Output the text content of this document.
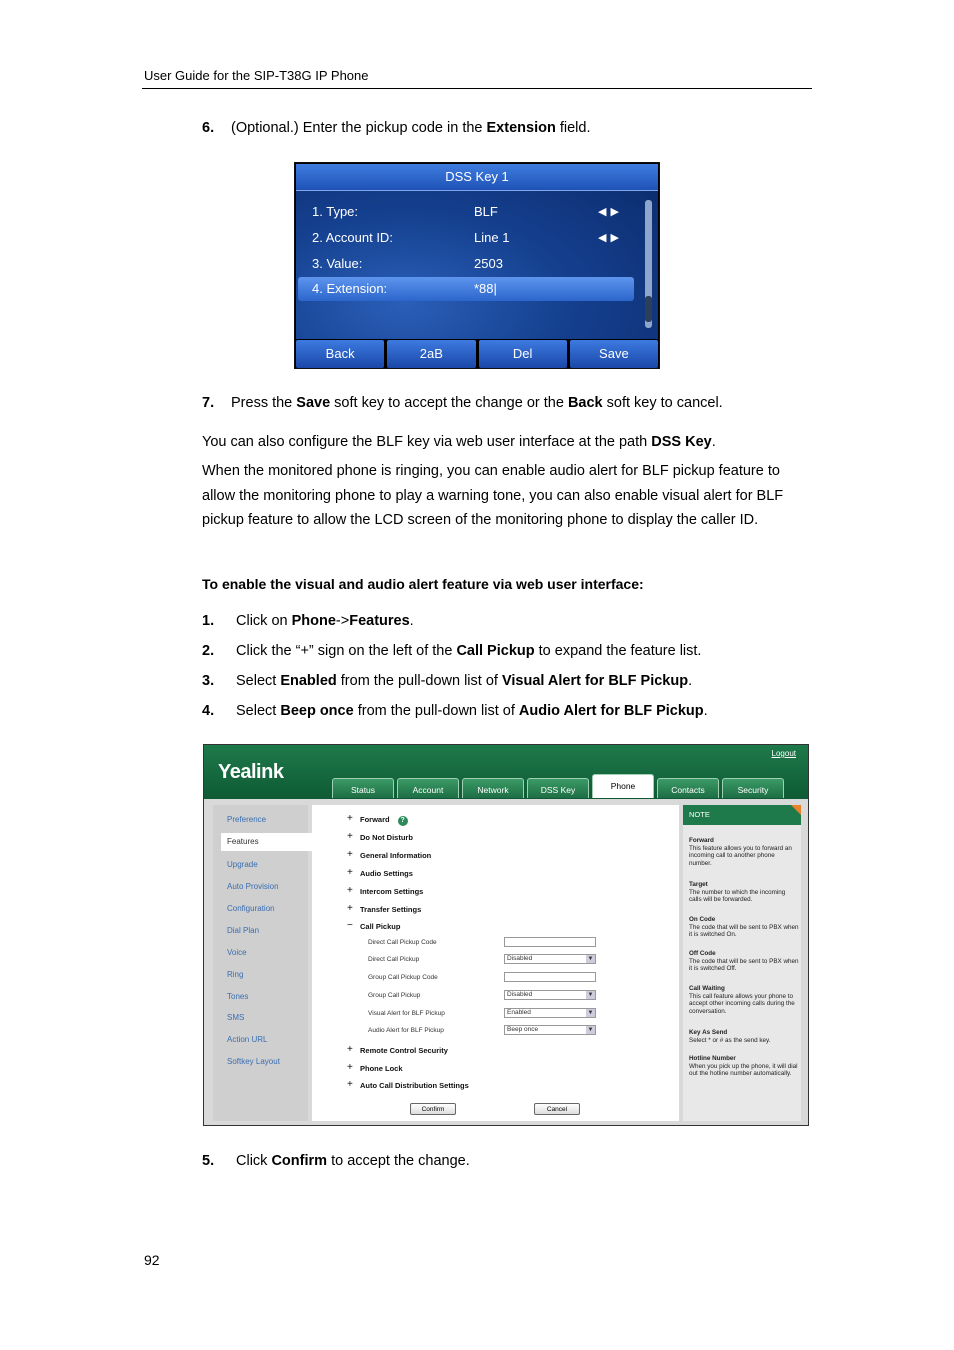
User Guide for the SIP-T38G IP Phone
6. (Optional.) Enter the pickup code in the Extension field.
DSS Key 1
1. Type:	BLF	◀▶
2. Account ID:	Line 1	◀▶
3. Value:	2503
4. Extension:	*88|
Back	2aB	Del	Save
7. Press the Save soft key to accept the change or the Back soft key to cancel.
You can also configure the BLF key via web user interface at the path DSS Key.
When the monitored phone is ringing, you can enable audio alert for BLF pickup feature to allow the monitoring phone to play a warning tone, you can also enable visual alert for BLF pickup feature to allow the LCD screen of the monitoring phone to display the caller ID.
To enable the visual and audio alert feature via web user interface:
1. Click on Phone->Features.
2. Click the “+” sign on the left of the Call Pickup to expand the feature list.
3. Select Enabled from the pull-down list of Visual Alert for BLF Pickup.
4. Select Beep once from the pull-down list of Audio Alert for BLF Pickup.
Yealink
Logout
Status	Account	Network	DSS Key	Phone	Contacts	Security
Preference
Features
Upgrade
Auto Provision
Configuration
Dial Plan
Voice
Ring
Tones
SMS
Action URL
Softkey Layout
+ Forward ?
+ Do Not Disturb
+ General Information
+ Audio Settings
+ Intercom Settings
+ Transfer Settings
− Call Pickup
Direct Call Pickup Code
Direct Call Pickup	Disabled	▼
Group Call Pickup Code
Group Call Pickup	Disabled	▼
Visual Alert for BLF Pickup	Enabled	▼
Audio Alert for BLF Pickup	Beep once	▼
+ Remote Control Security
+ Phone Lock
+ Auto Call Distribution Settings
Confirm	Cancel
NOTE
Forward
This feature allows you to forward an incoming call to another phone number.
Target
The number to which the incoming calls will be forwarded.
On Code
The code that will be sent to PBX when it is switched On.
Off Code
The code that will be sent to PBX when it is switched Off.
Call Waiting
This call feature allows your phone to accept other incoming calls during the conversation.
Key As Send
Select * or # as the send key.
Hotline Number
When you pick up the phone, it will dial out the hotline number automatically.
5. Click Confirm to accept the change.
92
